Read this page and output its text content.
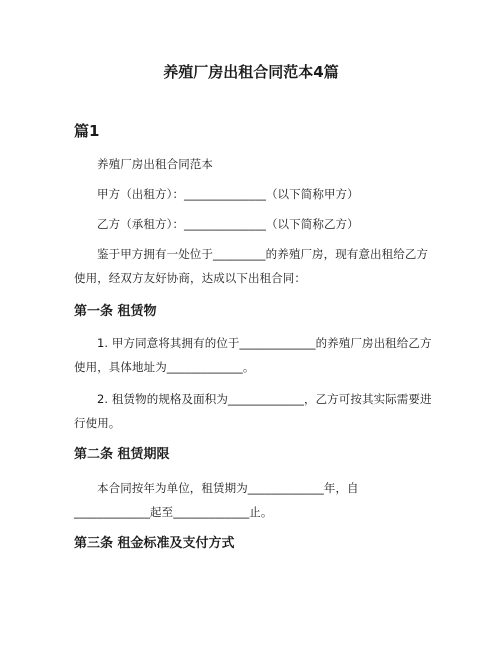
养殖厂房出租合同范本4篇
篇1

养殖厂房出租合同范本

甲方（出租方）：______________（以下简称甲方）

乙方（承租方）：______________（以下简称乙方）

鉴于甲方拥有一处位于_________的养殖厂房，现有意出租给乙方使用，经双方友好协商，达成以下出租合同：

第一条 租赁物

1. 甲方同意将其拥有的位于_____________的养殖厂房出租给乙方使用，具体地址为_____________。

2. 租赁物的规格及面积为_____________，乙方可按其实际需要进行使用。

第二条 租赁期限

本合同按年为单位，租赁期为_____________年，自_____________起至_____________止。

第三条 租金标准及支付方式
